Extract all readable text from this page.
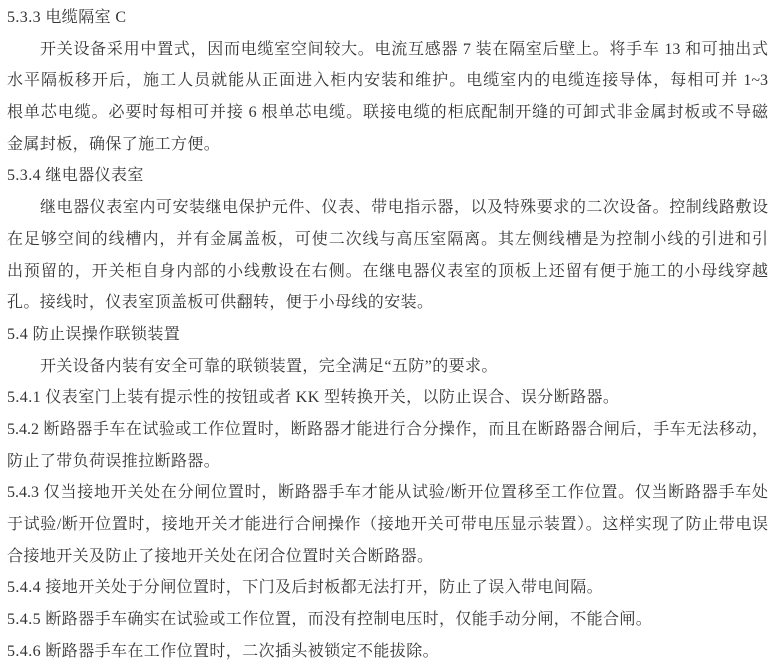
5.3.3 电缆隔室 C
开关设备采用中置式，因而电缆室空间较大。电流互感器 7 装在隔室后壁上。将手车 13 和可抽出式
水平隔板移开后，施工人员就能从正面进入柜内安装和维护。电缆室内的电缆连接导体，每相可并 1~3
根单芯电缆。必要时每相可并接 6 根单芯电缆。联接电缆的柜底配制开缝的可卸式非金属封板或不导磁
金属封板，确保了施工方便。
5.3.4 继电器仪表室
继电器仪表室内可安装继电保护元件、仪表、带电指示器，以及特殊要求的二次设备。控制线路敷设
在足够空间的线槽内，并有金属盖板，可使二次线与高压室隔离。其左侧线槽是为控制小线的引进和引
出预留的，开关柜自身内部的小线敷设在右侧。在继电器仪表室的顶板上还留有便于施工的小母线穿越
孔。接线时，仪表室顶盖板可供翻转，便于小母线的安装。
5.4 防止误操作联锁装置
开关设备内装有安全可靠的联锁装置，完全满足“五防”的要求。
5.4.1 仪表室门上装有提示性的按钮或者 KK 型转换开关，以防止误合、误分断路器。
5.4.2 断路器手车在试验或工作位置时，断路器才能进行合分操作，而且在断路器合闸后，手车无法移动，
防止了带负荷误推拉断路器。
5.4.3 仅当接地开关处在分闸位置时，断路器手车才能从试验/断开位置移至工作位置。仅当断路器手车处
于试验/断开位置时，接地开关才能进行合闸操作（接地开关可带电压显示装置）。这样实现了防止带电误
合接地开关及防止了接地开关处在闭合位置时关合断路器。
5.4.4 接地开关处于分闸位置时，下门及后封板都无法打开，防止了误入带电间隔。
5.4.5 断路器手车确实在试验或工作位置，而没有控制电压时，仅能手动分闸，不能合闸。
5.4.6 断路器手车在工作位置时，二次插头被锁定不能拔除。
